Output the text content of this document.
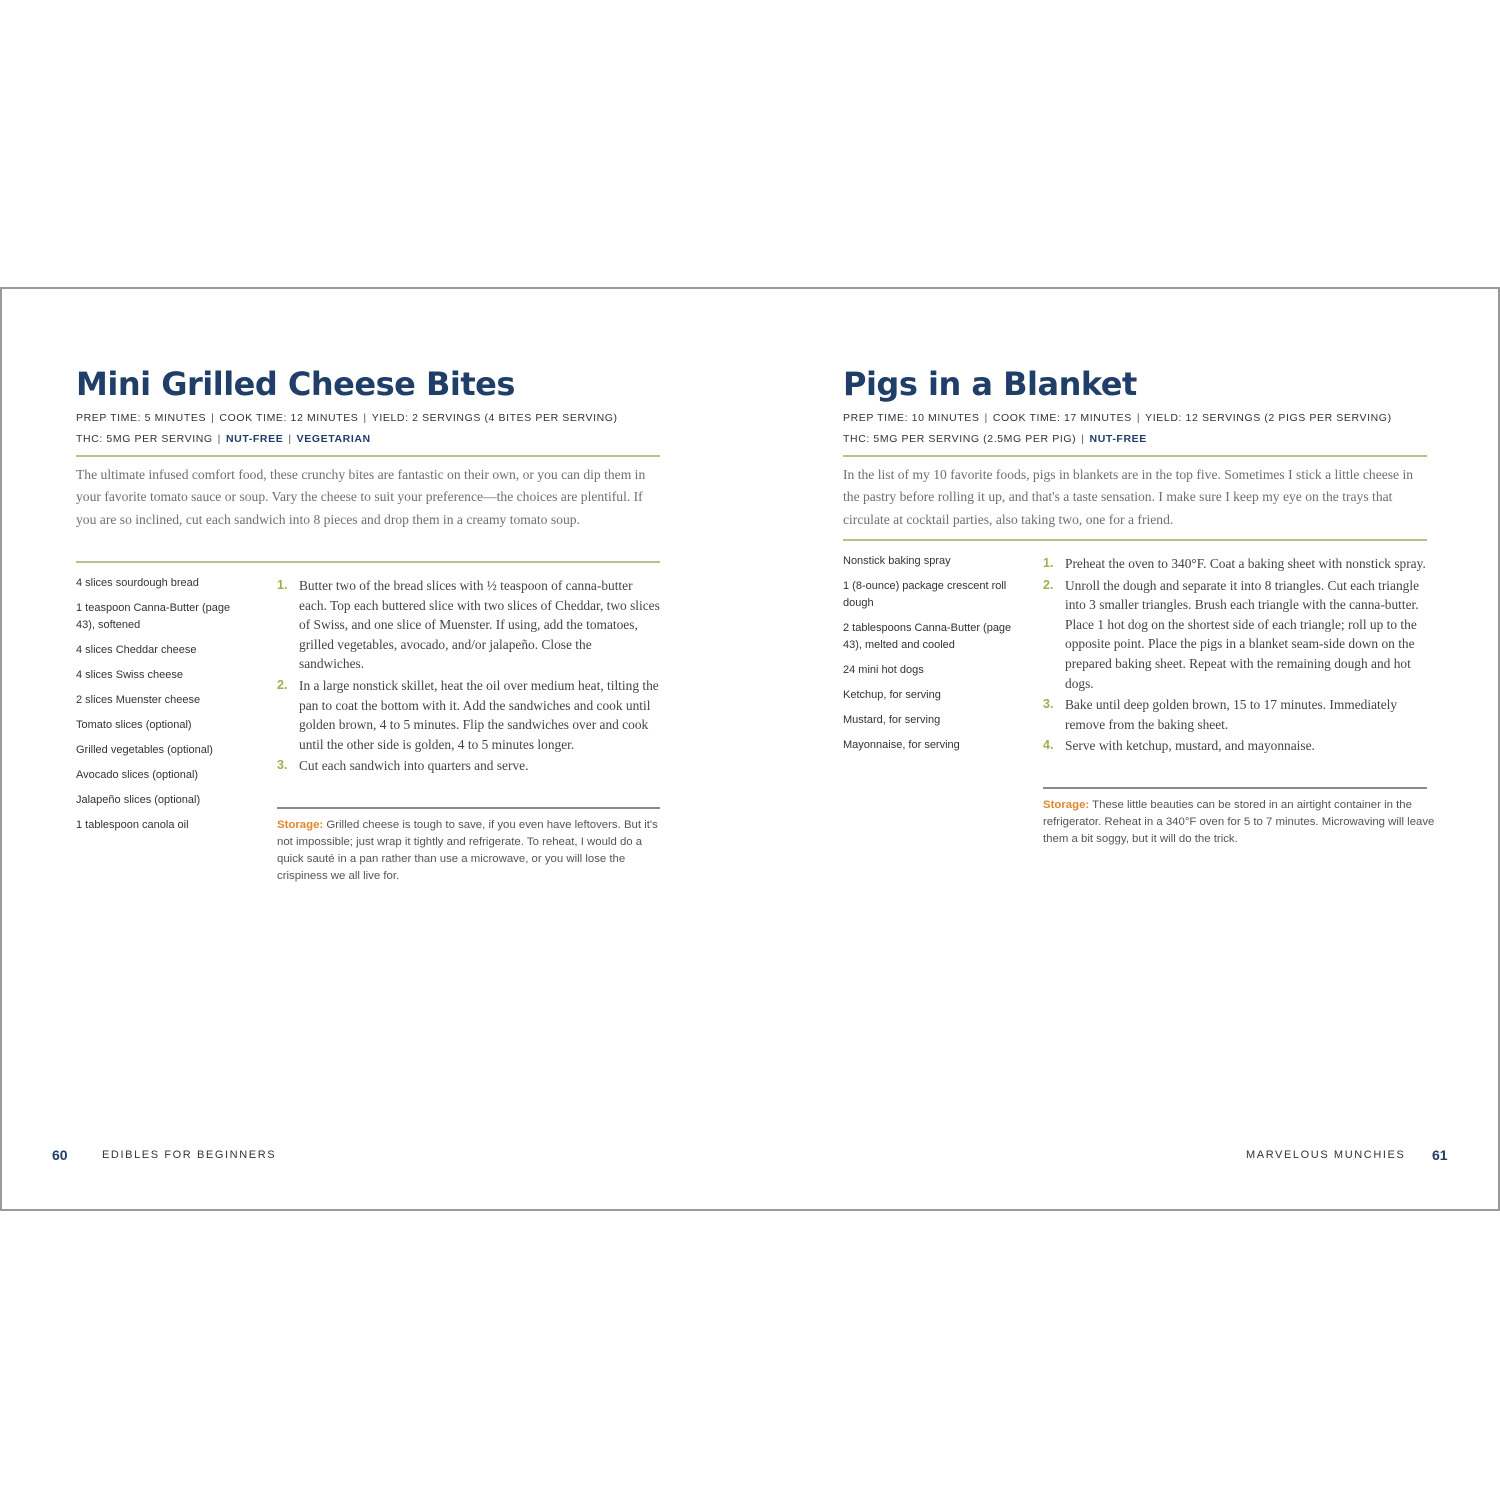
Mini Grilled Cheese Bites
PREP TIME: 5 MINUTES | COOK TIME: 12 MINUTES | YIELD: 2 SERVINGS (4 BITES PER SERVING)
THC: 5MG PER SERVING | NUT-FREE | VEGETARIAN
The ultimate infused comfort food, these crunchy bites are fantastic on their own, or you can dip them in your favorite tomato sauce or soup. Vary the cheese to suit your preference—the choices are plentiful. If you are so inclined, cut each sandwich into 8 pieces and drop them in a creamy tomato soup.
4 slices sourdough bread
1 teaspoon Canna-Butter (page 43), softened
4 slices Cheddar cheese
4 slices Swiss cheese
2 slices Muenster cheese
Tomato slices (optional)
Grilled vegetables (optional)
Avocado slices (optional)
Jalapeño slices (optional)
1 tablespoon canola oil
1. Butter two of the bread slices with ½ teaspoon of canna-butter each. Top each buttered slice with two slices of Cheddar, two slices of Swiss, and one slice of Muenster. If using, add the tomatoes, grilled vegetables, avocado, and/or jalapeño. Close the sandwiches.
2. In a large nonstick skillet, heat the oil over medium heat, tilting the pan to coat the bottom with it. Add the sandwiches and cook until golden brown, 4 to 5 minutes. Flip the sandwiches over and cook until the other side is golden, 4 to 5 minutes longer.
3. Cut each sandwich into quarters and serve.
Storage: Grilled cheese is tough to save, if you even have leftovers. But it's not impossible; just wrap it tightly and refrigerate. To reheat, I would do a quick sauté in a pan rather than use a microwave, or you will lose the crispiness we all live for.
60	EDIBLES FOR BEGINNERS
Pigs in a Blanket
PREP TIME: 10 MINUTES | COOK TIME: 17 MINUTES | YIELD: 12 SERVINGS (2 PIGS PER SERVING)
THC: 5MG PER SERVING (2.5MG PER PIG) | NUT-FREE
In the list of my 10 favorite foods, pigs in blankets are in the top five. Sometimes I stick a little cheese in the pastry before rolling it up, and that's a taste sensation. I make sure I keep my eye on the trays that circulate at cocktail parties, also taking two, one for a friend.
Nonstick baking spray
1 (8-ounce) package crescent roll dough
2 tablespoons Canna-Butter (page 43), melted and cooled
24 mini hot dogs
Ketchup, for serving
Mustard, for serving
Mayonnaise, for serving
1. Preheat the oven to 340°F. Coat a baking sheet with nonstick spray.
2. Unroll the dough and separate it into 8 triangles. Cut each triangle into 3 smaller triangles. Brush each triangle with the canna-butter. Place 1 hot dog on the shortest side of each triangle; roll up to the opposite point. Place the pigs in a blanket seam-side down on the prepared baking sheet. Repeat with the remaining dough and hot dogs.
3. Bake until deep golden brown, 15 to 17 minutes. Immediately remove from the baking sheet.
4. Serve with ketchup, mustard, and mayonnaise.
Storage: These little beauties can be stored in an airtight container in the refrigerator. Reheat in a 340°F oven for 5 to 7 minutes. Microwaving will leave them a bit soggy, but it will do the trick.
MARVELOUS MUNCHIES 61
